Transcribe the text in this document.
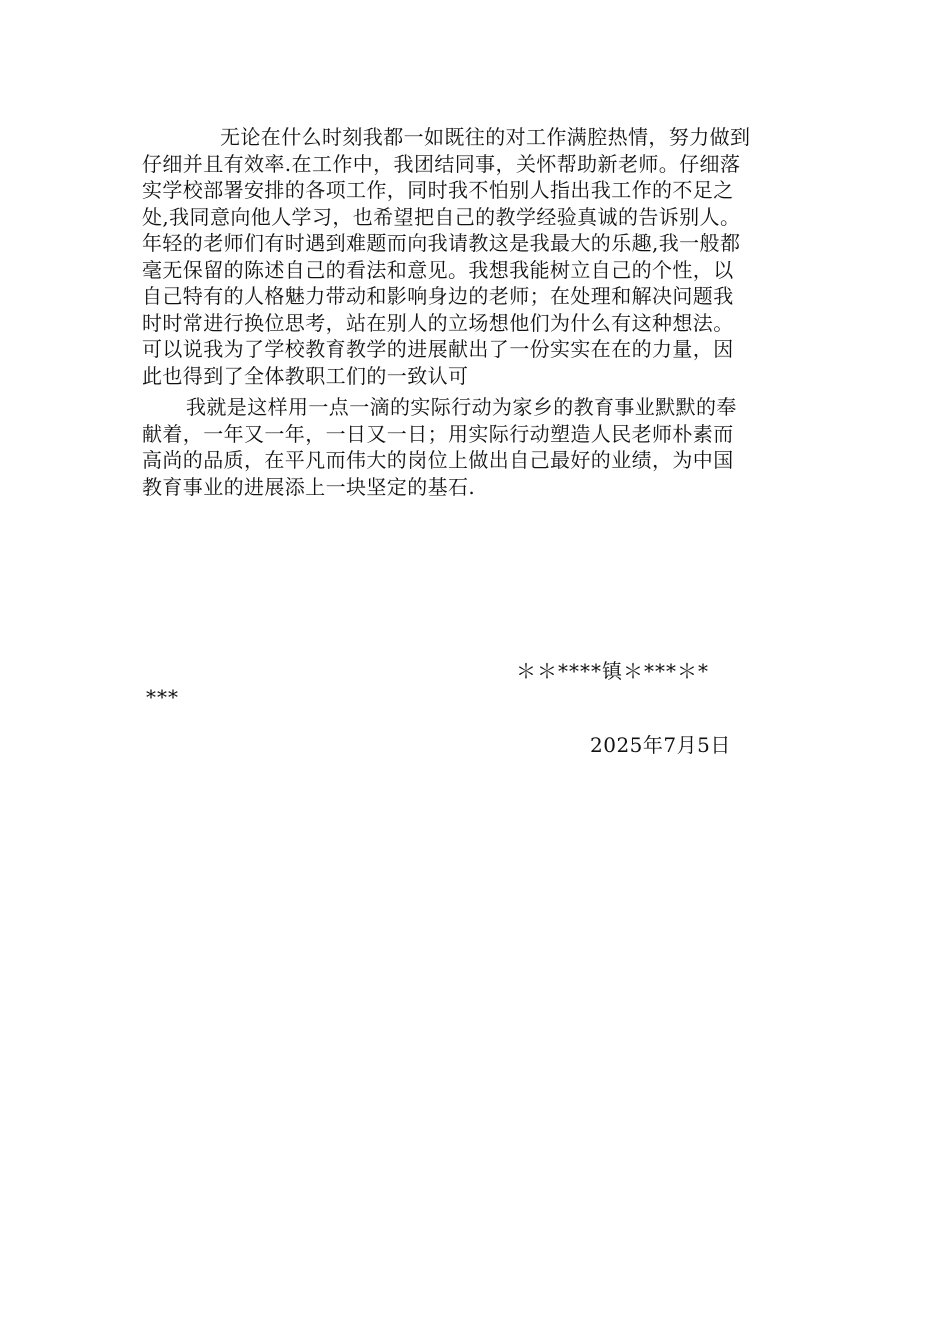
无论在什么时刻我都一如既往的对工作满腔热情，努力做到
仔细并且有效率.在工作中，我团结同事，关怀帮助新老师。仔细落
实学校部署安排的各项工作，同时我不怕别人指出我工作的不足之
处,我同意向他人学习，也希望把自己的教学经验真诚的告诉别人。
年轻的老师们有时遇到难题而向我请教这是我最大的乐趣,我一般都
毫无保留的陈述自己的看法和意见。我想我能树立自己的个性，以
自己特有的人格魅力带动和影响身边的老师；在处理和解决问题我
时时常进行换位思考，站在别人的立场想他们为什么有这种想法。
可以说我为了学校教育教学的进展献出了一份实实在在的力量，因
此也得到了全体教职工们的一致认可
我就是这样用一点一滴的实际行动为家乡的教育事业默默的奉
献着，一年又一年，一日又一日；用实际行动塑造人民老师朴素而
高尚的品质，在平凡而伟大的岗位上做出自己最好的业绩，为中国
教育事业的进展添上一块坚定的基石.
＊＊****镇＊***＊*
***
2025年7月5日
